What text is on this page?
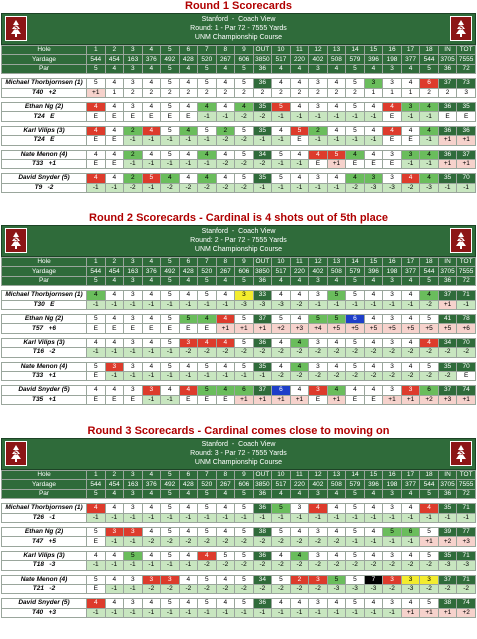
Round 1 Scorecards
S	S
Stanford  -  Coach View
Round: 1 - Par 72 - 7555 Yards
UNM Championship Course
Hole	1	2	3	4	5	6	7	8	9	OUT	10	11	12	13	14	15	16	17	18	IN	TOT
Yardage	544	454	163	376	492	428	520	267	606	3850	517	220	402	508	579	396	198	377	544	3705	7555
Par	5	4	3	4	5	4	5	4	5	36	4	4	3	4	5	4	3	4	5	36	72

Michael Thorbjornsen (1)	5	4	3	4	5	4	5	4	5	36	4	4	3	4	5	3	3	4	6	37	73
T40 +2	+1	1	2	2	2	2	2	2	2	2	2	2	2	2	2	1	1	1	2	2	3

Ethan Ng (2)	4	4	3	4	5	4	4	4	4	35	5	4	3	4	5	4	4	3	4	36	35
T24 E	E	E	E	E	E	E	-1	-1	-2	-2	-1	-1	-1	-1	-1	-1	E	-1	-1	E	E

Karl Vilips (3)	4	4	2	4	5	4	5	2	5	35	4	5	2	4	5	4	4	4	4	36	36
T24 E	E	E	-1	-1	-1	-1	-1	-2	-2	-1	-1	E	-1	-1	-1	-1	E	E	-1	+1	+1

Nate Menon (4)	4	4	2	4	5	4	4	4	5	34	5	4	4	5	4	4	3	3	4	36	37
T33 +1	E	E	-1	-1	-1	-1	-1	-2	-2	-2	-1	-1	E	+1	E	E	E	-1	-1	+1	+1

David Snyder (5)	4	4	2	5	4	4	4	4	5	35	5	4	3	4	4	3	3	4	4	35	70
T9 -2	-1	-1	-2	-1	-2	-2	-2	-2	-2	-1	-1	-1	-1	-1	-2	-3	-3	-2	-3	-1	-1
Round 2 Scorecards - Cardinal is 4 shots out of 5th place
S	S
Stanford  -  Coach View
Round: 2 - Par 72 - 7555 Yards
UNM Championship Course
Hole	1	2	3	4	5	6	7	8	9	OUT	10	11	12	13	14	15	16	17	18	IN	TOT
Yardage	544	454	163	376	492	428	520	267	606	3850	517	220	402	508	579	396	198	377	544	3705	7555
Par	5	4	3	4	5	4	5	4	5	36	4	4	3	4	5	4	3	4	5	36	72

Michael Thorbjornsen (1)	4	4	3	4	5	4	5	4	3	33	4	4	3	5	5	4	3	4	4	37	71
T30 E	-1	-1	-1	-1	-1	-1	-1	-1	-3	-3	-3	-2	-1	-1	-1	-1	-1	-1	-2	+1	-1

Ethan Ng (2)	5	4	3	4	5	5	4	4	5	37	5	4	5	5	6	4	3	4	5	41	78
T57 +6	E	E	E	E	E	E	E	+1	+1	+1	+2	+3	+4	+5	+5	+5	+5	+5	+5	+5	+6

Karl Vilips (3)	4	4	3	4	5	3	4	4	5	36	4	4	3	4	5	4	3	4	4	34	70
T16 -2	-1	-1	-1	-1	-1	-2	-2	-2	-2	-2	-2	-2	-2	-2	-2	-2	-2	-2	-2	-2	-2

Nate Menon (4)	5	3	3	4	5	4	5	4	5	35	4	4	3	4	5	4	3	4	5	35	70
T33 +1	E	-1	-1	-1	-1	-1	-1	-1	-1	-1	-2	-2	-2	-2	-2	-2	-2	-2	-2	-2	E

David Snyder (5)	4	4	3	3	4	4	5	4	6	37	6	4	3	4	4	4	3	3	6	37	74
T35 +1	E	E	E	-1	-1	E	E	E	+1	+1	+1	+1	E	+1	E	E	+1	+1	+2	+3	+1
Round 3 Scorecards - Cardinal comes close to moving on
S	S
Stanford  -  Coach View
Round: 3 - Par 72 - 7555 Yards
UNM Championship Course
Hole	1	2	3	4	5	6	7	8	9	OUT	10	11	12	13	14	15	16	17	18	IN	TOT
Yardage	544	454	163	376	492	428	520	267	606	3850	517	220	402	508	579	396	198	377	544	3705	7555
Par	5	4	3	4	5	4	5	4	5	36	4	4	3	4	5	4	3	4	5	36	72

Michael Thorbjornsen (1)	4	4	3	4	5	4	5	4	5	36	5	3	4	4	5	4	3	4	4	35	71
T26 -1	-1	-1	-1	-1	-1	-1	-1	-1	-1	-1	-1	-1	-1	-1	-1	-1	-1	-1	-1	-1	-1

Ethan Ng (2)	5	3	3	4	5	4	5	4	5	38	5	4	3	4	5	4	5	6	5	39	77
T47 +5	E	-1	-1	-2	-2	-2	-2	-2	-2	-2	-2	-2	-2	-2	-1	-1	-1	-1	+1	+2	+3

Karl Vilips (3)	4	4	5	4	5	4	4	5	5	36	4	4	3	4	5	4	3	4	5	35	71
T18 -3	-1	-1	-1	-1	-1	-1	-2	-2	-2	-2	-2	-2	-2	-2	-2	-2	-2	-2	-2	-3	-3

Nate Menon (4)	5	4	3	3	3	4	5	4	5	34	5	2	3	5	5	7	3	3	3	37	71
T21 -2	E	-1	-1	-2	-2	-2	-2	-2	-2	-2	-2	-2	-2	-3	-3	-3	-2	-3	-2	-2	-2

David Snyder (5)	4	4	3	4	5	4	5	4	5	36	4	4	3	4	5	4	3	4	5	38	74
T40 +3	-1	-1	-1	-1	-1	-1	-1	-1	-1	-1	-1	-1	-1	-1	-1	-1	-1	+1	+1	+1	+2
